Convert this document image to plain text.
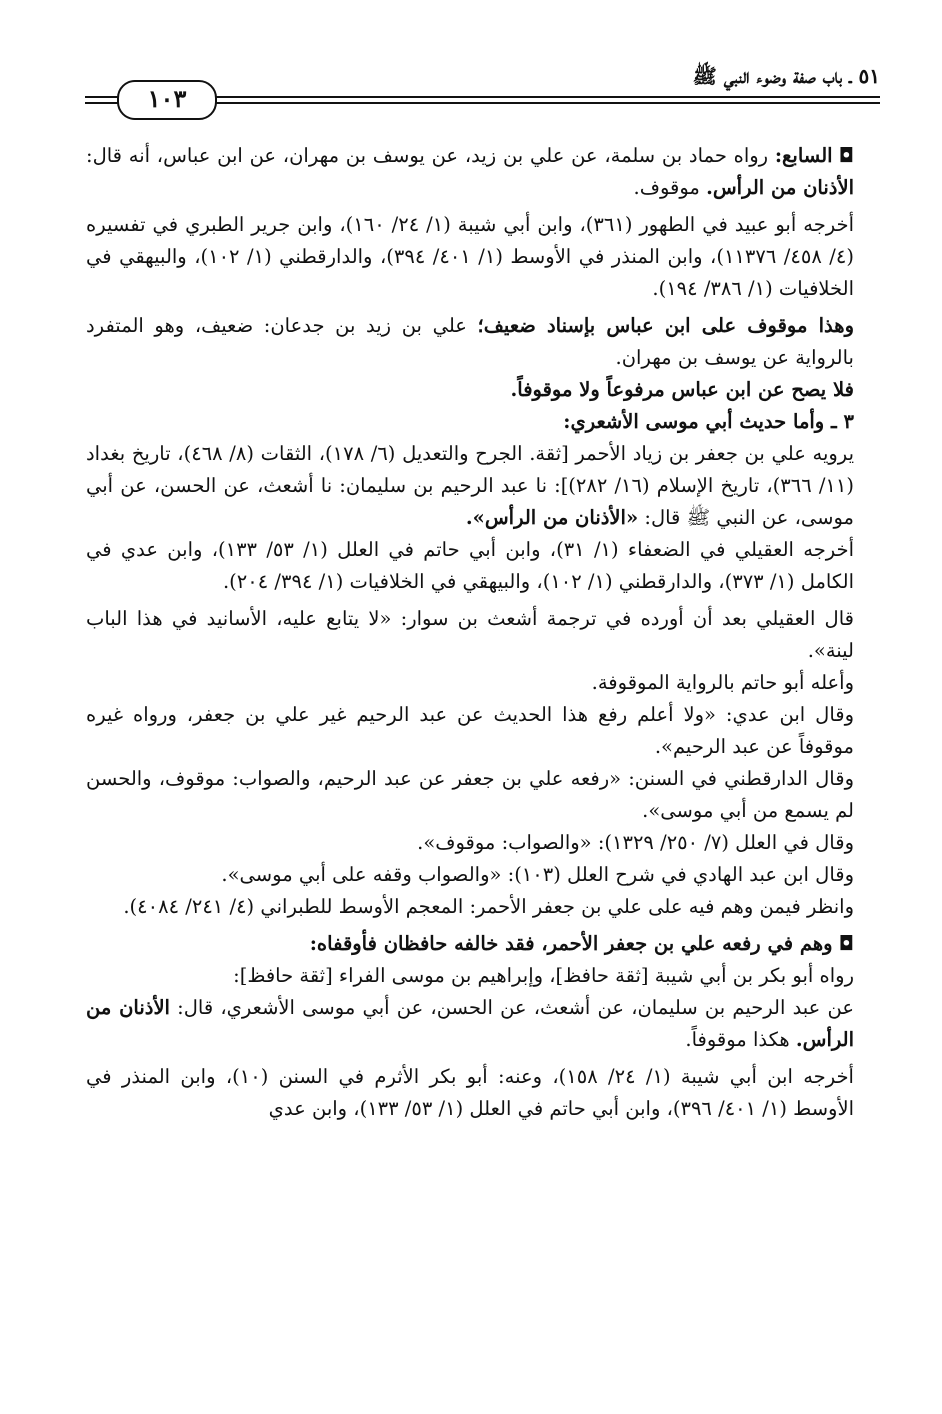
٥١ ـ باب صفة وضوء النبي ﷺ
١٠٣

◘السابع: رواه حماد بن سلمة، عن علي بن زيد، عن يوسف بن مهران، عن ابن عباس، أنه قال: الأذنان من الرأس. موقوف.

أخرجه أبو عبيد في الطهور (٣٦١)، وابن أبي شيبة (١/ ٢٤/ ١٦٠)، وابن جرير الطبري في تفسيره (٤/ ٤٥٨/ ١١٣٧٦)، وابن المنذر في الأوسط (١/ ٤٠١/ ٣٩٤)، والدارقطني (١/ ١٠٢)، والبيهقي في الخلافيات (١/ ٣٨٦/ ١٩٤).

وهذا موقوف على ابن عباس بإسناد ضعيف؛ علي بن زيد بن جدعان: ضعيف، وهو المتفرد بالرواية عن يوسف بن مهران.

فلا يصح عن ابن عباس مرفوعاً ولا موقوفاً.

٣ ـ وأما حديث أبي موسى الأشعري:

يرويه علي بن جعفر بن زياد الأحمر [ثقة. الجرح والتعديل (٦/ ١٧٨)، الثقات (٨/ ٤٦٨)، تاريخ بغداد (١١/ ٣٦٦)، تاريخ الإسلام (١٦/ ٢٨٢)]: نا عبد الرحيم بن سليمان: نا أشعث، عن الحسن، عن أبي موسى، عن النبي ﷺ قال: «الأذنان من الرأس».

أخرجه العقيلي في الضعفاء (١/ ٣١)، وابن أبي حاتم في العلل (١/ ٥٣/ ١٣٣)، وابن عدي في الكامل (١/ ٣٧٣)، والدارقطني (١/ ١٠٢)، والبيهقي في الخلافيات (١/ ٣٩٤/ ٢٠٤).

قال العقيلي بعد أن أورده في ترجمة أشعث بن سوار: «لا يتابع عليه، الأسانيد في هذا الباب لينة».

وأعله أبو حاتم بالرواية الموقوفة.

وقال ابن عدي: «ولا أعلم رفع هذا الحديث عن عبد الرحيم غير علي بن جعفر، ورواه غيره موقوفاً عن عبد الرحيم».

وقال الدارقطني في السنن: «رفعه علي بن جعفر عن عبد الرحيم، والصواب: موقوف، والحسن لم يسمع من أبي موسى».

وقال في العلل (٧/ ٢٥٠/ ١٣٢٩): «والصواب: موقوف».

وقال ابن عبد الهادي في شرح العلل (١٠٣): «والصواب وقفه على أبي موسى».

وانظر فيمن وهم فيه على علي بن جعفر الأحمر: المعجم الأوسط للطبراني (٤/ ٢٤١/ ٤٠٨٤).

◘وهم في رفعه علي بن جعفر الأحمر، فقد خالفه حافظان فأوقفاه:

رواه أبو بكر بن أبي شيبة [ثقة حافظ]، وإبراهيم بن موسى الفراء [ثقة حافظ]:

عن عبد الرحيم بن سليمان، عن أشعث، عن الحسن، عن أبي موسى الأشعري، قال: الأذنان من الرأس. هكذا موقوفاً.

أخرجه ابن أبي شيبة (١/ ٢٤/ ١٥٨)، وعنه: أبو بكر الأثرم في السنن (١٠)، وابن المنذر في الأوسط (١/ ٤٠١/ ٣٩٦)، وابن أبي حاتم في العلل (١/ ٥٣/ ١٣٣)، وابن عدي
